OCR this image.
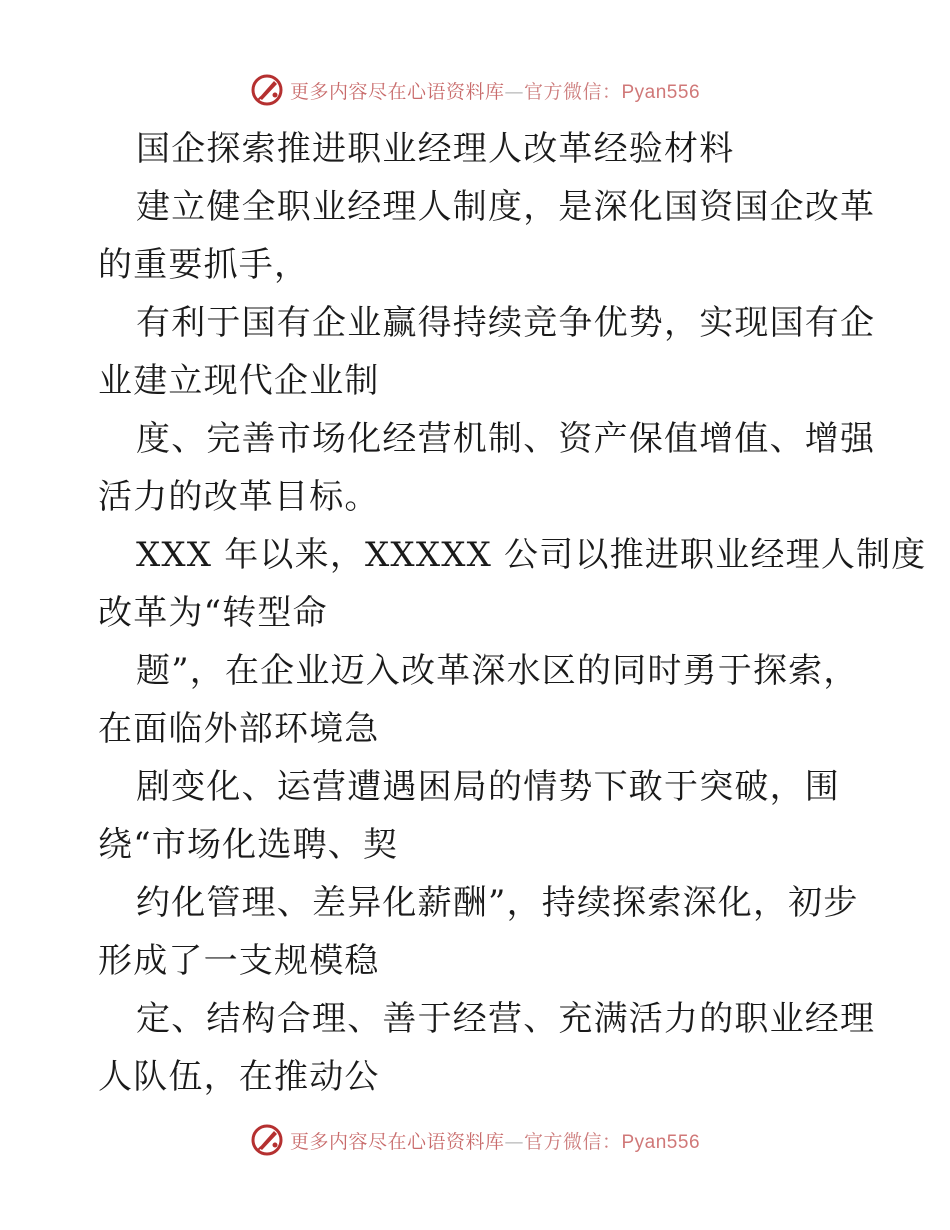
更多内容尽在心语资料库—官方微信：Pyan556
国企探索推进职业经理人改革经验材料
建立健全职业经理人制度，是深化国资国企改革
的重要抓手，
有利于国有企业赢得持续竞争优势，实现国有企
业建立现代企业制
度、完善市场化经营机制、资产保值增值、增强
活力的改革目标。
XXX 年以来，XXXXX 公司以推进职业经理人制度
改革为“转型命
题”，在企业迈入改革深水区的同时勇于探索，
在面临外部环境急
剧变化、运营遭遇困局的情势下敢于突破，围
绕“市场化选聘、契
约化管理、差异化薪酬”，持续探索深化，初步
形成了一支规模稳
定、结构合理、善于经营、充满活力的职业经理
人队伍，在推动公
更多内容尽在心语资料库—官方微信：Pyan556
